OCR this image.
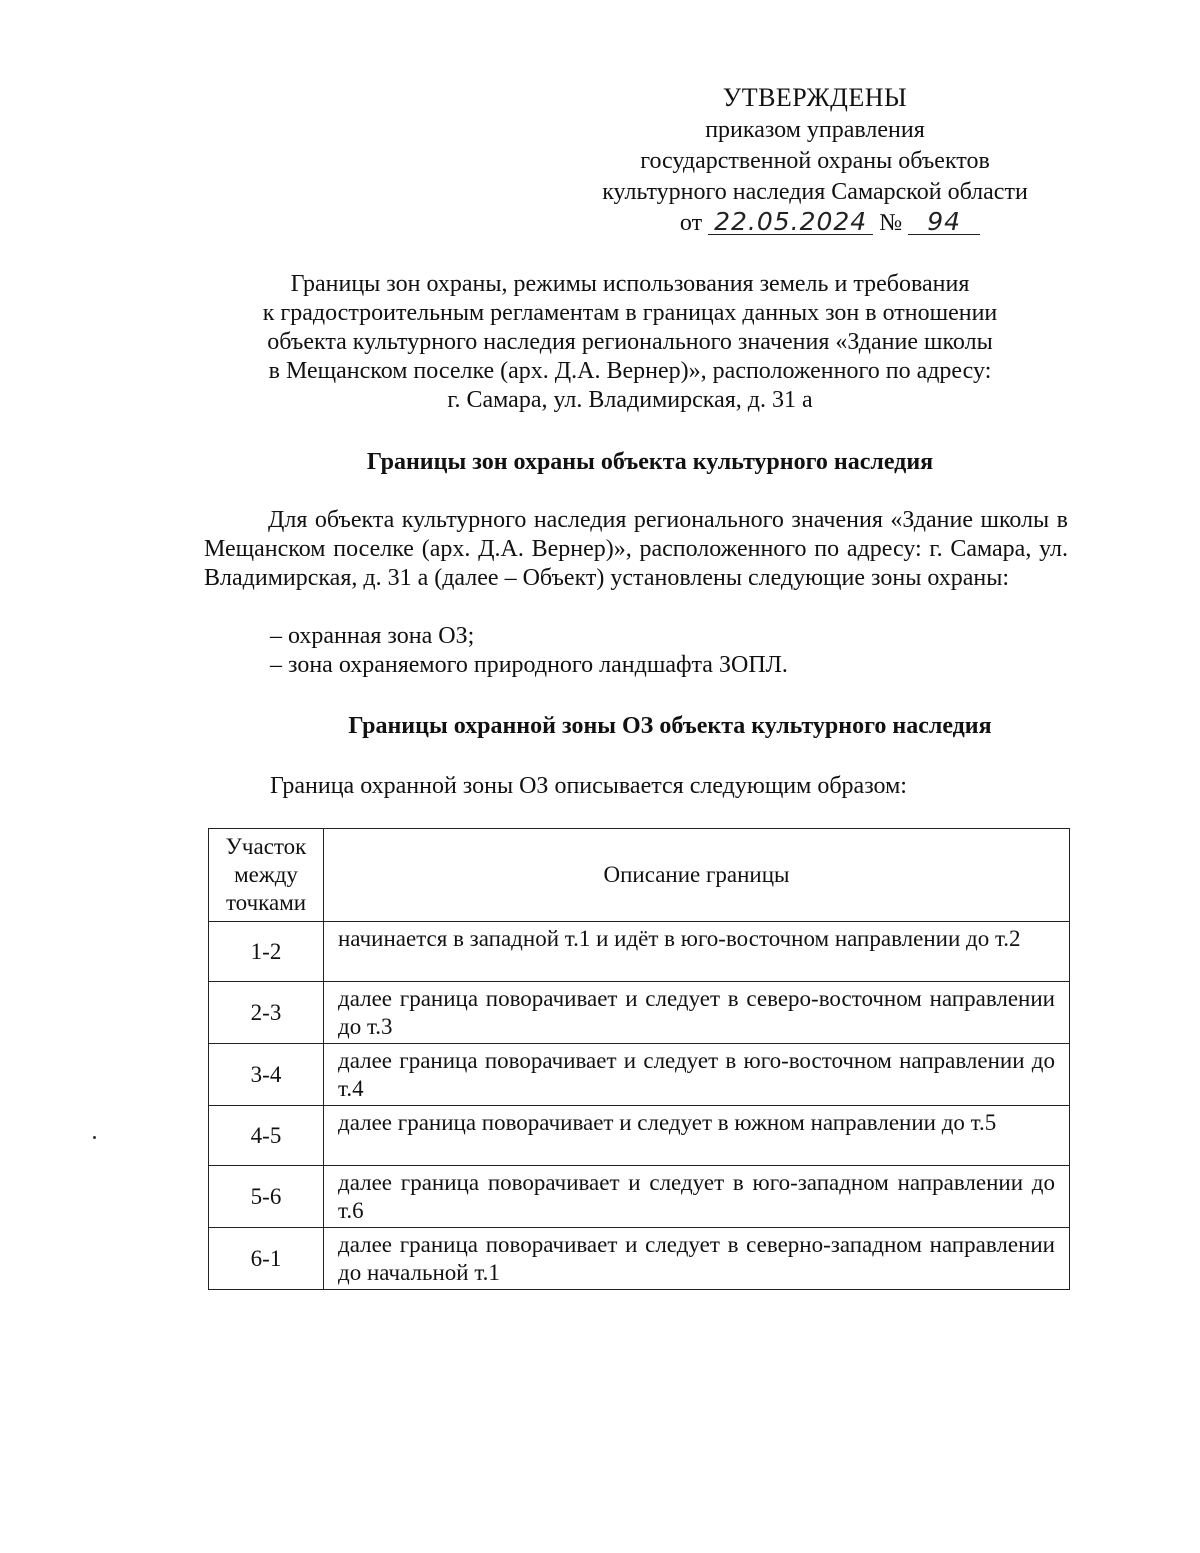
УТВЕРЖДЕНЫ
приказом управления
государственной охраны объектов
культурного наследия Самарской области
от 22.05.2024 №	94
Границы зон охраны, режимы использования земель и требования
к градостроительным регламентам в границах данных зон в отношении
объекта культурного наследия регионального значения «Здание школы
в Мещанском поселке (арх. Д.А. Вернер)», расположенного по адресу:
г. Самара, ул. Владимирская, д. 31 а
Границы зон охраны объекта культурного наследия
Для объекта культурного наследия регионального значения «Здание школы в Мещанском поселке (арх. Д.А. Вернер)», расположенного по адресу: г. Самара, ул. Владимирская, д. 31 а (далее – Объект) установлены следующие зоны охраны:
– охранная зона ОЗ;
– зона охраняемого природного ландшафта ЗОПЛ.
Границы охранной зоны ОЗ объекта культурного наследия
Граница охранной зоны ОЗ описывается следующим образом:
Участок между точками	Описание границы
1-2	начинается в западной т.1 и идёт в юго-восточном направлении до т.2
2-3	далее граница поворачивает и следует в северо-восточном направлении до т.3
3-4	далее граница поворачивает и следует в юго-восточном направлении до т.4
4-5	далее граница поворачивает и следует в южном направлении до т.5
5-6	далее граница поворачивает и следует в юго-западном направлении до т.6
6-1	далее граница поворачивает и следует в северно-западном направлении до начальной т.1
